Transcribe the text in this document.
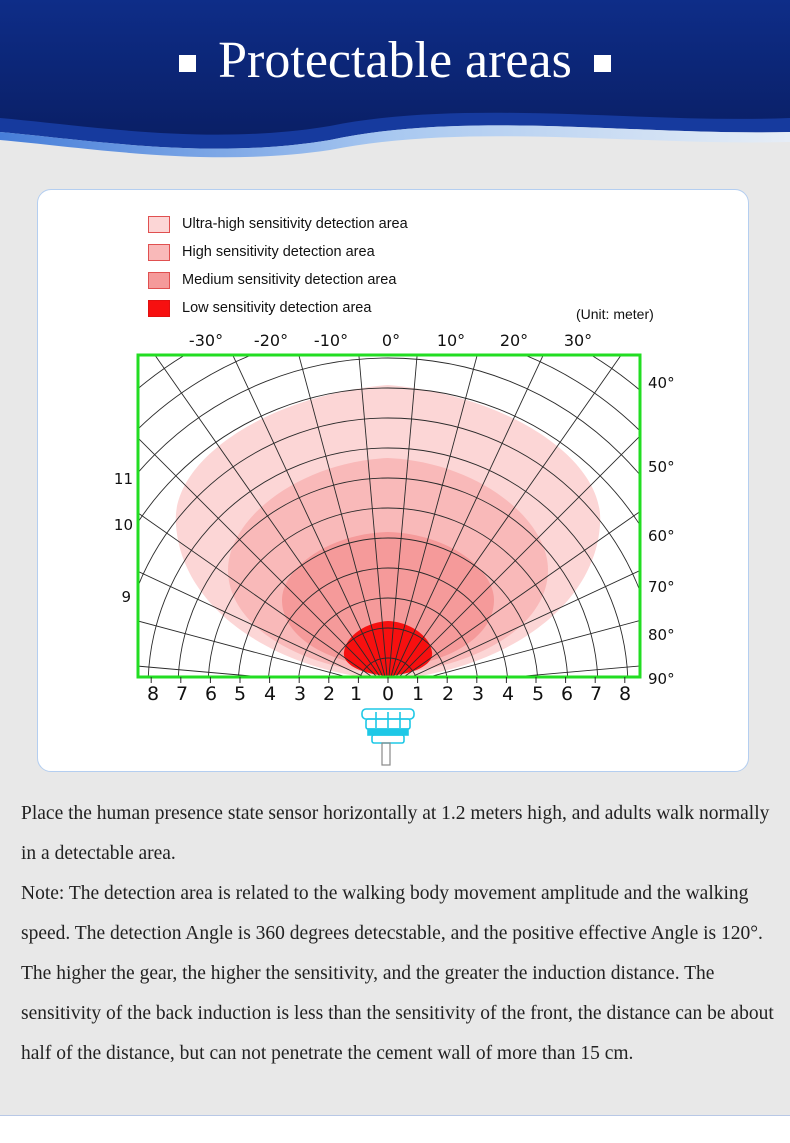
Protectable areas
Ultra-high sensitivity detection area
High sensitivity detection area
Medium sensitivity detection area
Low sensitivity detection area	(Unit: meter)
-30° -20° -10° 0° 10° 20° 30°
40°
50°
60°
70°
80°
90°
11
10
9
8 7 6 5 4 3 2 1 0 1 2 3 4 5 6 7 8

Place the human presence state sensor horizontally at 1.2 meters high, and adults walk normally in a detectable area.

Note: The detection area is related to the walking body movement amplitude and the walking speed. The detection Angle is 360 degrees detecstable, and the positive effective Angle is 120°. The higher the gear, the higher the sensitivity, and the greater the induction distance. The sensitivity of the back induction is less than the sensitivity of the front, the distance can be about half of the distance, but can not penetrate the cement wall of more than 15 cm.
